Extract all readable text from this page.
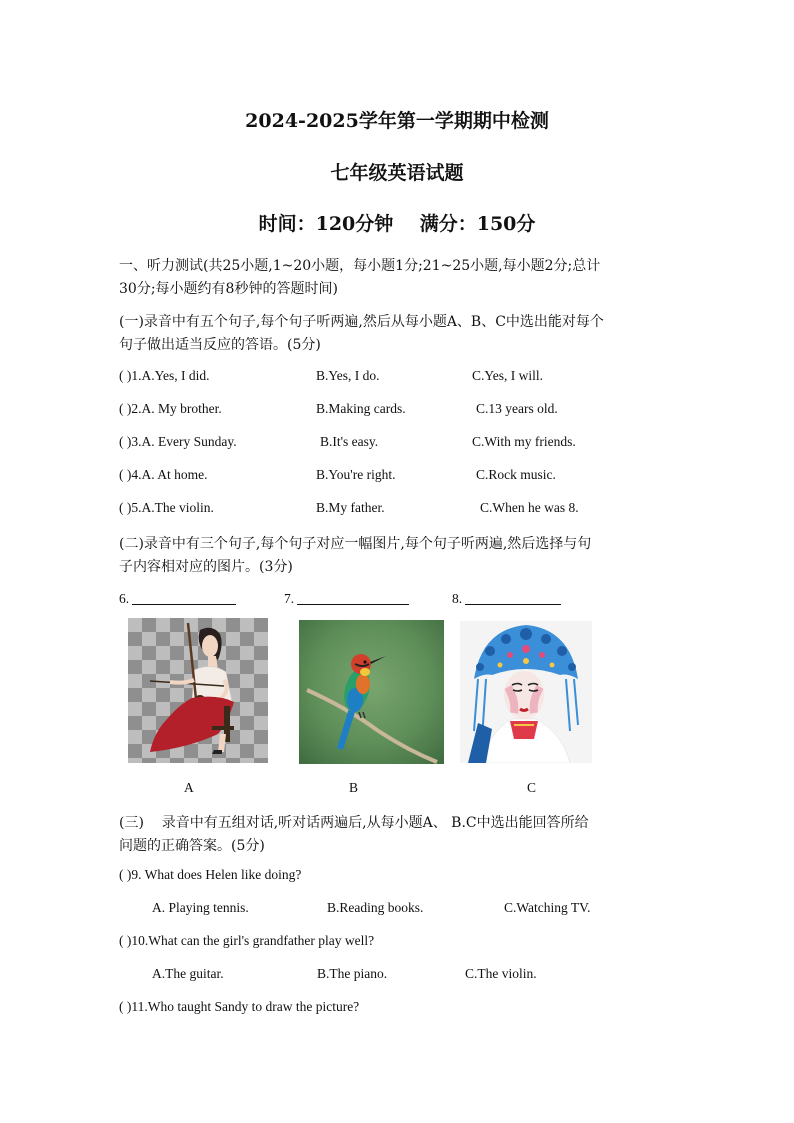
2024-2025学年第一学期期中检测
七年级英语试题
时间：120分钟    满分：150分
一、听力测试(共25小题,1~20小题，每小题1分;21~25小题,每小题2分;总计
30分;每小题约有8秒钟的答题时间)
(一)录音中有五个句子,每个句子听两遍,然后从每小题A、B、C中选出能对每个
句子做出适当反应的答语。(5分)
( )1.A.Yes, I did.	B.Yes, I do.	C.Yes, I will.
( )2.A. My brother.	B.Making cards.	C.13 years old.
( )3.A. Every Sunday.	B.It's easy.	C.With my friends.
( )4.A. At home.	B.You're right.	C.Rock music.
( )5.A.The violin.	B.My father.	C.When he was 8.
(二)录音中有三个句子,每个句子对应一幅图片,每个句子听两遍,然后选择与句
子内容相对应的图片。(3分)
6.	7.	8.
A	B	C
(三)    录音中有五组对话,听对话两遍后,从每小题A、 B.C中选出能回答所给
问题的正确答案。(5分)
( )9. What does Helen like doing?
A. Playing tennis.	B.Reading books.	C.Watching TV.
( )10.What can the girl's grandfather play well?
A.The guitar.	B.The piano.	C.The violin.
( )11.Who taught Sandy to draw the picture?
